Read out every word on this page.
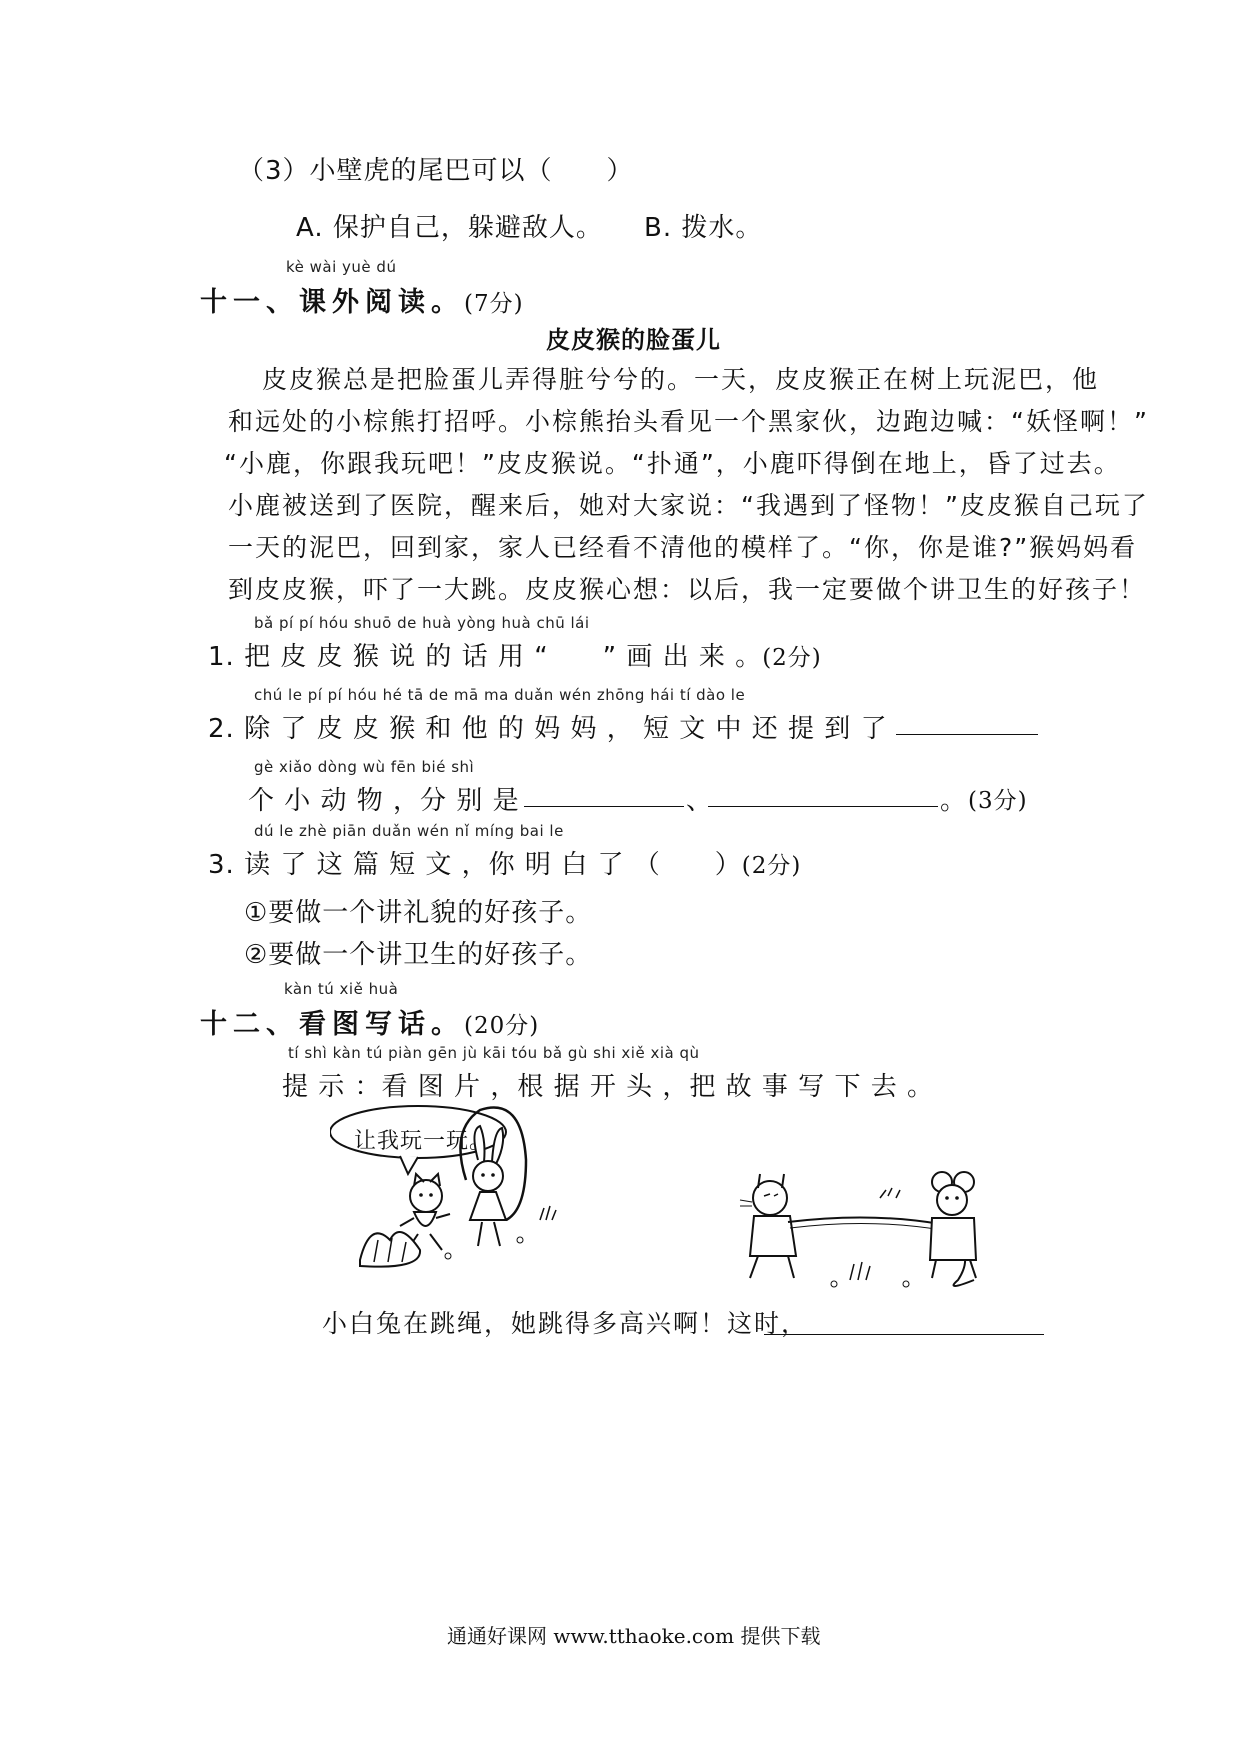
（3）小壁虎的尾巴可以（　　）
A. 保护自己，躲避敌人。 B. 拨水。
kè wài yuè dú
十一、课外阅读。(7分)
皮皮猴的脸蛋儿
皮皮猴总是把脸蛋儿弄得脏兮兮的。一天，皮皮猴正在树上玩泥巴，他
和远处的小棕熊打招呼。小棕熊抬头看见一个黑家伙，边跑边喊：“妖怪啊！”
“小鹿，你跟我玩吧！”皮皮猴说。“扑通”，小鹿吓得倒在地上，昏了过去。
小鹿被送到了医院，醒来后，她对大家说：“我遇到了怪物！”皮皮猴自己玩了
一天的泥巴，回到家，家人已经看不清他的模样了。“你，你是谁?”猴妈妈看
到皮皮猴，吓了一大跳。皮皮猴心想：以后，我一定要做个讲卫生的好孩子！
bǎ pí pí hóu shuō de huà yòng huà chū lái
1. 把 皮 皮 猴 说 的 话 用 “　　” 画 出 来 。(2分)
chú le pí pí hóu hé tā de mā ma duǎn wén zhōng hái tí dào le
2. 除 了 皮 皮 猴 和 他 的 妈 妈 ， 短 文 中 还 提 到 了
gè xiǎo dòng wù fēn bié shì
个 小 动 物 ，分 别 是	、	。 (3分)
dú le zhè piān duǎn wén nǐ míng bai le
3. 读 了 这 篇 短 文 ，你 明 白 了 （　　）(2分)
①要做一个讲礼貌的好孩子。
②要做一个讲卫生的好孩子。
kàn tú xiě huà
十二、看图写话。(20分)
tí shì kàn tú piàn gēn jù kāi tóu bǎ gù shi xiě xià qù
提 示 ：看 图 片 ，根 据 开 头 ，把 故 事 写 下 去 。
让我玩一玩。
小白兔在跳绳，她跳得多高兴啊！这时，
通通好课网 www.tthaoke.com 提供下载
